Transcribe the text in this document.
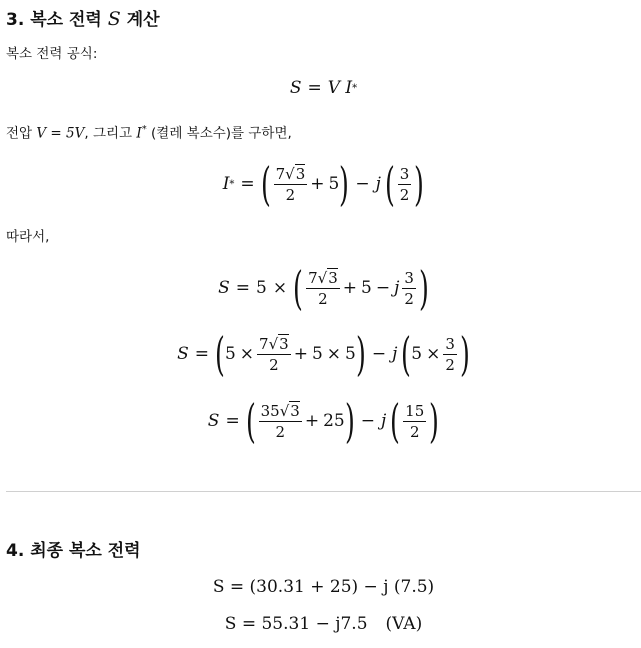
3. 복소 전력 S 계산
복소 전력 공식:
S = V I *
전압 V = 5V, 그리고 I* (켤레 복소수)를 구하면,
I * = ( $\frac{7√3}{2} + 5$ ) − j ( $\frac{3}{2}$ )
따라서,
S = 5 × ( $\frac{7√3}{2} + 5 - j \frac{3}{2}$ )
S = ( $5 \times \frac{7√3}{2} + 5 \times 5$ ) − j ( $5 \times \frac{3}{2}$ )
S = ( $\frac{35√3}{2} + 25$ ) − j ( $\frac{15}{2}$ )
4. 최종 복소 전력
S = (30.31 + 25) − j (7.5)
S = 55.31 − j7.5 (VA)
